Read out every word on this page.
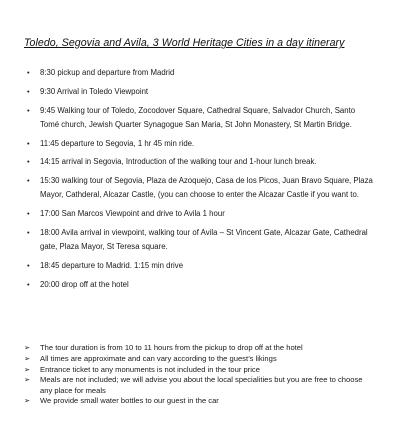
Toledo, Segovia and Avila, 3 World Heritage Cities in a day itinerary
• 8:30 pickup and departure from Madrid
• 9:30 Arrival in Toledo Viewpoint
• 9:45 Walking tour of Toledo, Zocodover Square, Cathedral Square, Salvador Church, Santo Tomé church, Jewish Quarter Synagogue San Maria, St John Monastery, St Martin Bridge.
• 11:45 departure to Segovia, 1 hr 45 min ride.
• 14:15 arrival in Segovia, Introduction of the walking tour and 1-hour lunch break.
• 15:30 walking tour of Segovia, Plaza de Azoquejo, Casa de los Picos, Juan Bravo Square, Plaza Mayor, Cathderal, Alcazar Castle, (you can choose to enter the Alcazar Castle if you want to.
• 17:00 San Marcos Viewpoint and drive to Avila 1 hour
• 18:00 Avila arrival in viewpoint, walking tour of Avila – St Vincent Gate, Alcazar Gate, Cathedral gate, Plaza Mayor, St Teresa square.
• 18:45 departure to Madrid. 1:15 min drive
• 20:00 drop off at the hotel
➢ The tour duration is from 10 to 11 hours from the pickup to drop off at the hotel
➢ All times are approximate and can vary according to the guest’s likings
➢ Entrance ticket to any monuments is not included in the tour price
➢ Meals are not included; we will advise you about the local specialities but you are free to choose any place for meals
➢ We provide small water bottles to our guest in the car
